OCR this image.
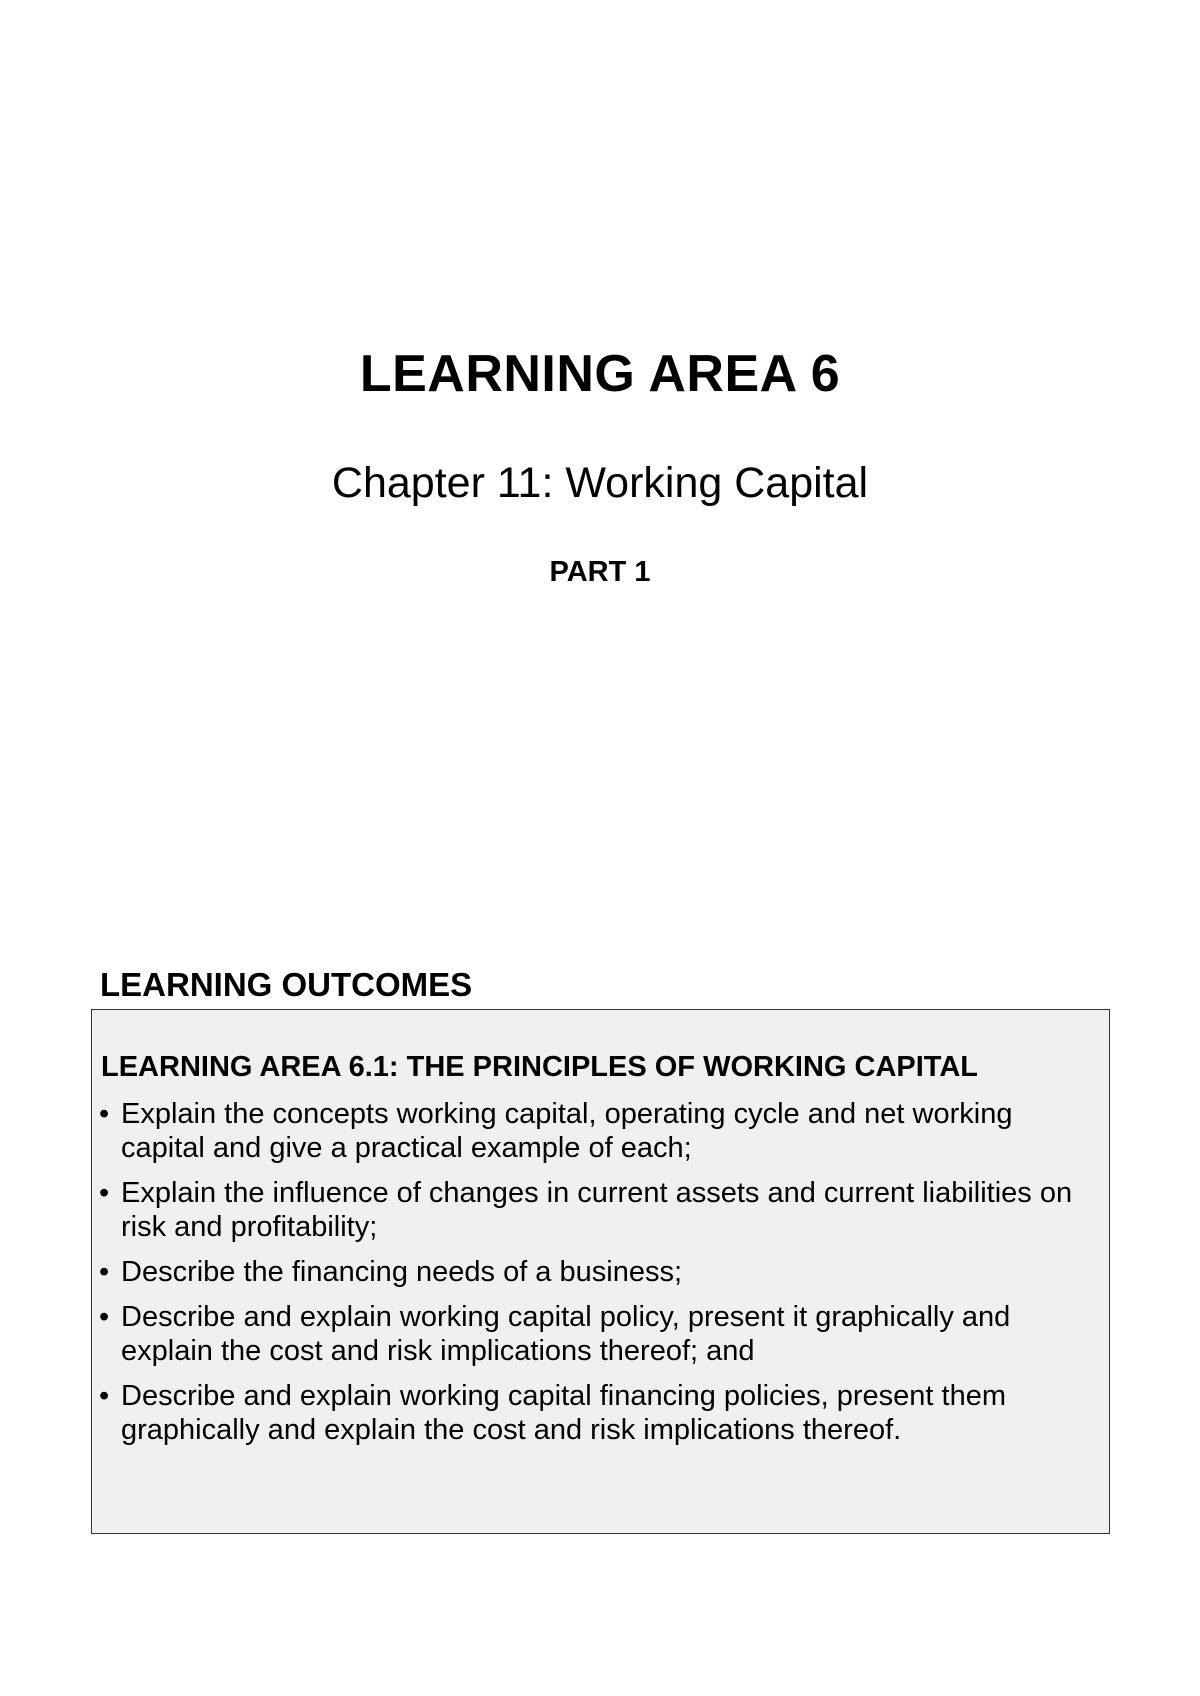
LEARNING AREA 6
Chapter 11: Working Capital
PART 1
LEARNING OUTCOMES
LEARNING AREA 6.1: THE PRINCIPLES OF WORKING CAPITAL
• Explain the concepts working capital, operating cycle and net working capital and give a practical example of each;
• Explain the influence of changes in current assets and current liabilities on risk and profitability;
• Describe the financing needs of a business;
• Describe and explain working capital policy, present it graphically and explain the cost and risk implications thereof; and
• Describe and explain working capital financing policies, present them graphically and explain the cost and risk implications thereof.
